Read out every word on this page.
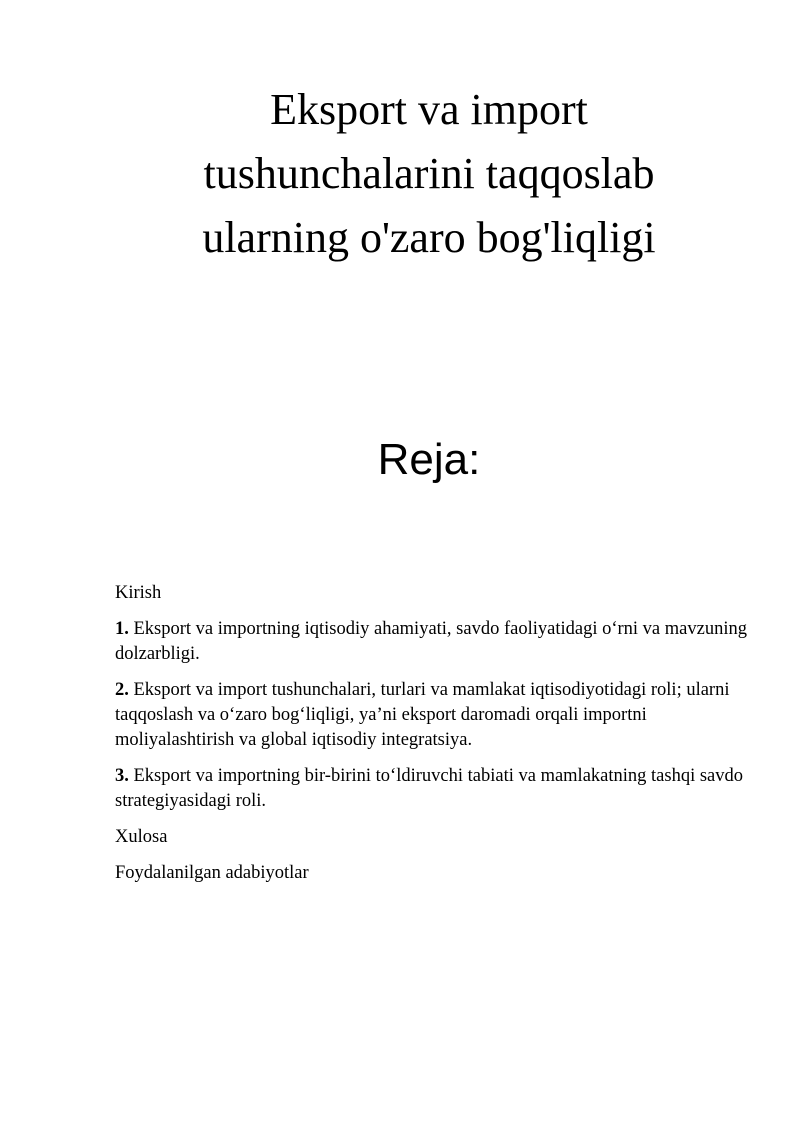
Eksport va import
tushunchalarini taqqoslab
ularning o'zaro bog'liqligi
Reja:

Kirish

1. Eksport va importning iqtisodiy ahamiyati, savdo faoliyatidagi o‘rni va mavzuning dolzarbligi.

2. Eksport va import tushunchalari, turlari va mamlakat iqtisodiyotidagi roli; ularni taqqoslash va o‘zaro bog‘liqligi, ya’ni eksport daromadi orqali importni moliyalashtirish va global iqtisodiy integratsiya.

3. Eksport va importning bir-birini to‘ldiruvchi tabiati va mamlakatning tashqi savdo strategiyasidagi roli.

Xulosa

Foydalanilgan adabiyotlar
